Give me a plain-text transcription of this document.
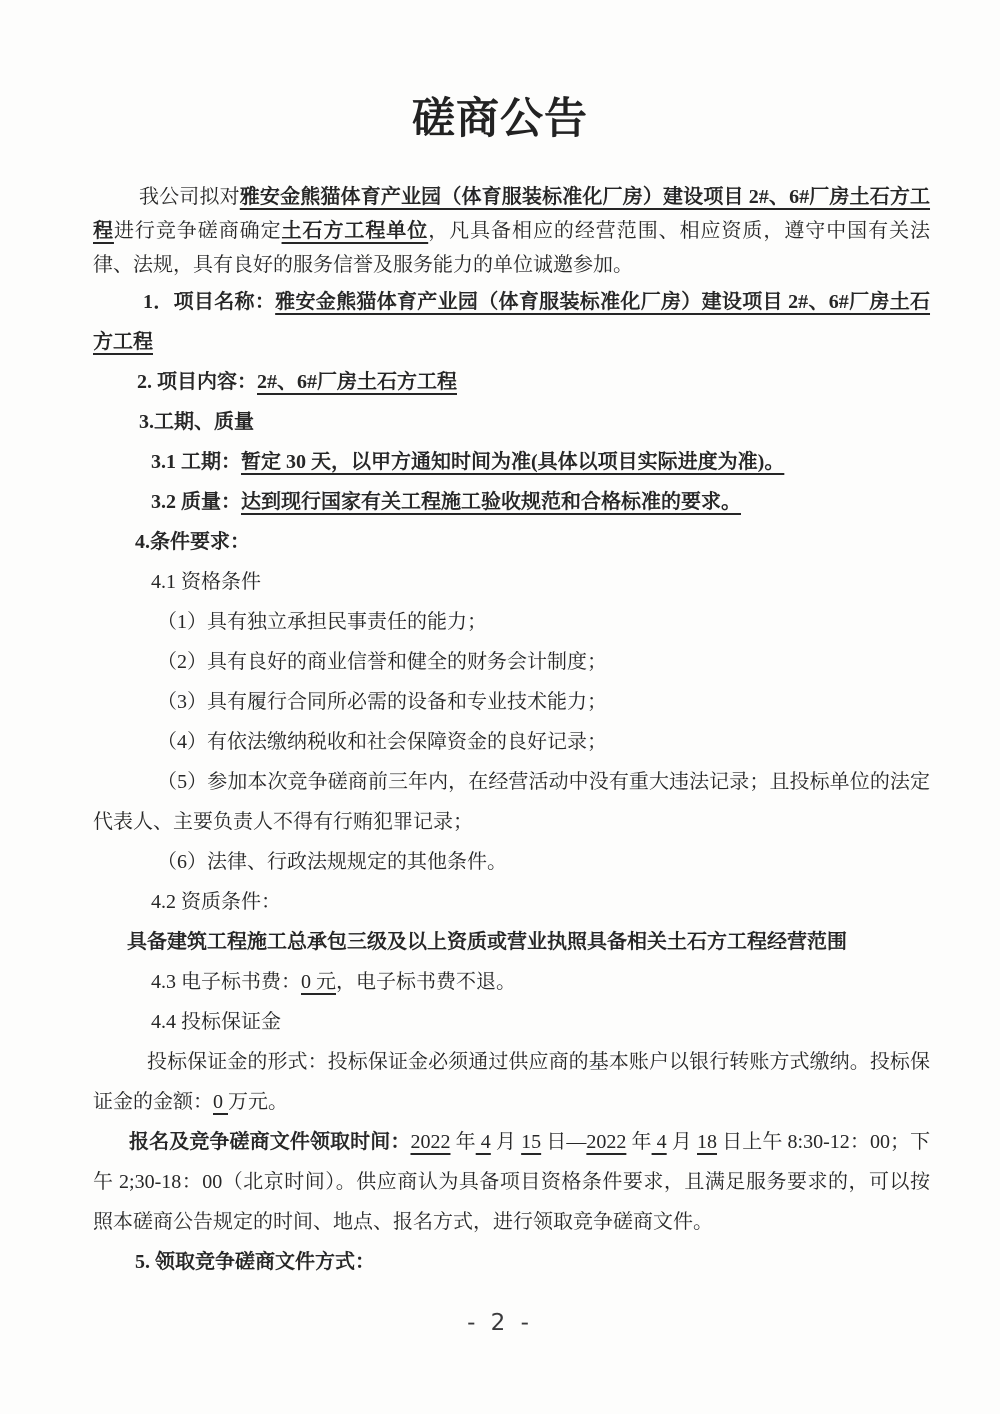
磋商公告
我公司拟对雅安金熊猫体育产业园（体育服装标准化厂房）建设项目 2#、6#厂房土石方工程进行竞争磋商确定土石方工程单位，凡具备相应的经营范围、相应资质，遵守中国有关法律、法规，具有良好的服务信誉及服务能力的单位诚邀参加。
1．项目名称：雅安金熊猫体育产业园（体育服装标准化厂房）建设项目 2#、6#厂房土石方工程
2. 项目内容：2#、6#厂房土石方工程
3.工期、质量
3.1 工期：暂定 30 天，以甲方通知时间为准(具体以项目实际进度为准)。
3.2 质量：达到现行国家有关工程施工验收规范和合格标准的要求。
4.条件要求：
4.1 资格条件
（1）具有独立承担民事责任的能力；
（2）具有良好的商业信誉和健全的财务会计制度；
（3）具有履行合同所必需的设备和专业技术能力；
（4）有依法缴纳税收和社会保障资金的良好记录；
（5）参加本次竞争磋商前三年内，在经营活动中没有重大违法记录；且投标单位的法定代表人、主要负责人不得有行贿犯罪记录；
（6）法律、行政法规规定的其他条件。
4.2 资质条件：
具备建筑工程施工总承包三级及以上资质或营业执照具备相关土石方工程经营范围
4.3 电子标书费：0 元，电子标书费不退。
4.4 投标保证金
投标保证金的形式：投标保证金必须通过供应商的基本账户以银行转账方式缴纳。投标保证金的金额：0 万元。
报名及竞争磋商文件领取时间：2022 年 4 月 15 日—2022 年 4 月 18 日上午 8:30-12：00；下午 2;30-18：00（北京时间）。供应商认为具备项目资格条件要求，且满足服务要求的，可以按照本磋商公告规定的时间、地点、报名方式，进行领取竞争磋商文件。
5. 领取竞争磋商文件方式：
- 2 -
